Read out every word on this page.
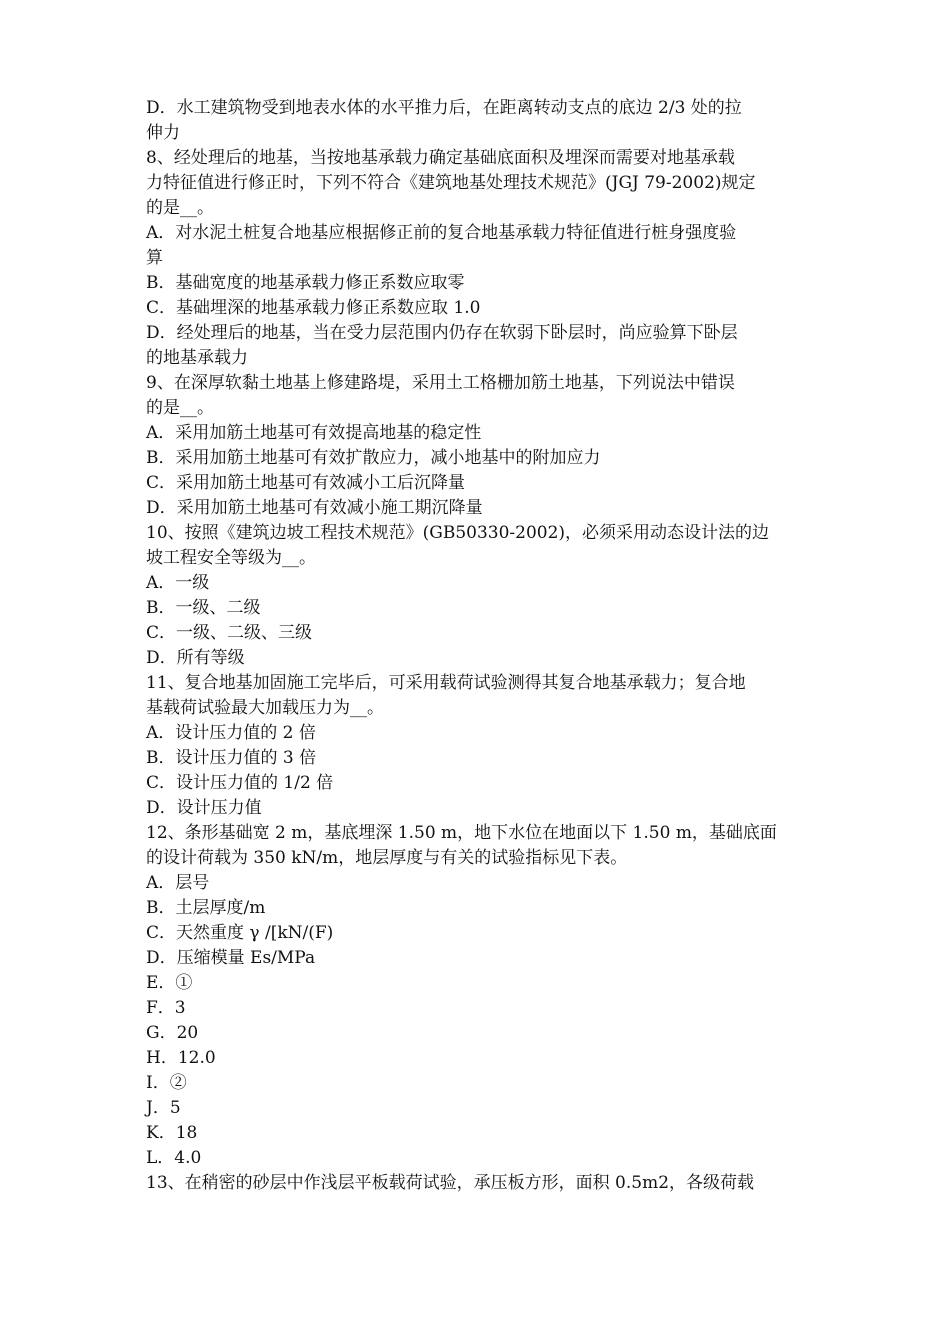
D．水工建筑物受到地表水体的水平推力后，在距离转动支点的底边 2/3 处的拉
伸力
8、经处理后的地基，当按地基承载力确定基础底面积及埋深而需要对地基承载
力特征值进行修正时，下列不符合《建筑地基处理技术规范》(JGJ 79-2002)规定
的是__。
A．对水泥土桩复合地基应根据修正前的复合地基承载力特征值进行桩身强度验
算
B．基础宽度的地基承载力修正系数应取零
C．基础埋深的地基承载力修正系数应取 1.0
D．经处理后的地基，当在受力层范围内仍存在软弱下卧层时，尚应验算下卧层
的地基承载力
9、在深厚软黏土地基上修建路堤，采用土工格栅加筋土地基，下列说法中错误
的是__。
A．采用加筋土地基可有效提高地基的稳定性
B．采用加筋土地基可有效扩散应力，减小地基中的附加应力
C．采用加筋土地基可有效减小工后沉降量
D．采用加筋土地基可有效减小施工期沉降量
10、按照《建筑边坡工程技术规范》(GB50330-2002)，必须采用动态设计法的边
坡工程安全等级为__。
A．一级
B．一级、二级
C．一级、二级、三级
D．所有等级
11、复合地基加固施工完毕后，可采用载荷试验测得其复合地基承载力；复合地
基载荷试验最大加载压力为__。
A．设计压力值的 2 倍
B．设计压力值的 3 倍
C．设计压力值的 1/2 倍
D．设计压力值
12、条形基础宽 2 m，基底埋深 1.50 m，地下水位在地面以下 1.50 m，基础底面
的设计荷载为 350 kN/m，地层厚度与有关的试验指标见下表。
A．层号
B．土层厚度/m
C．天然重度 γ /[kN/(F)
D．压缩模量 Es/MPa
E．①
F．3
G．20
H．12.0
I．②
J．5
K．18
L．4.0
13、在稍密的砂层中作浅层平板载荷试验，承压板方形，面积 0.5m2，各级荷载
